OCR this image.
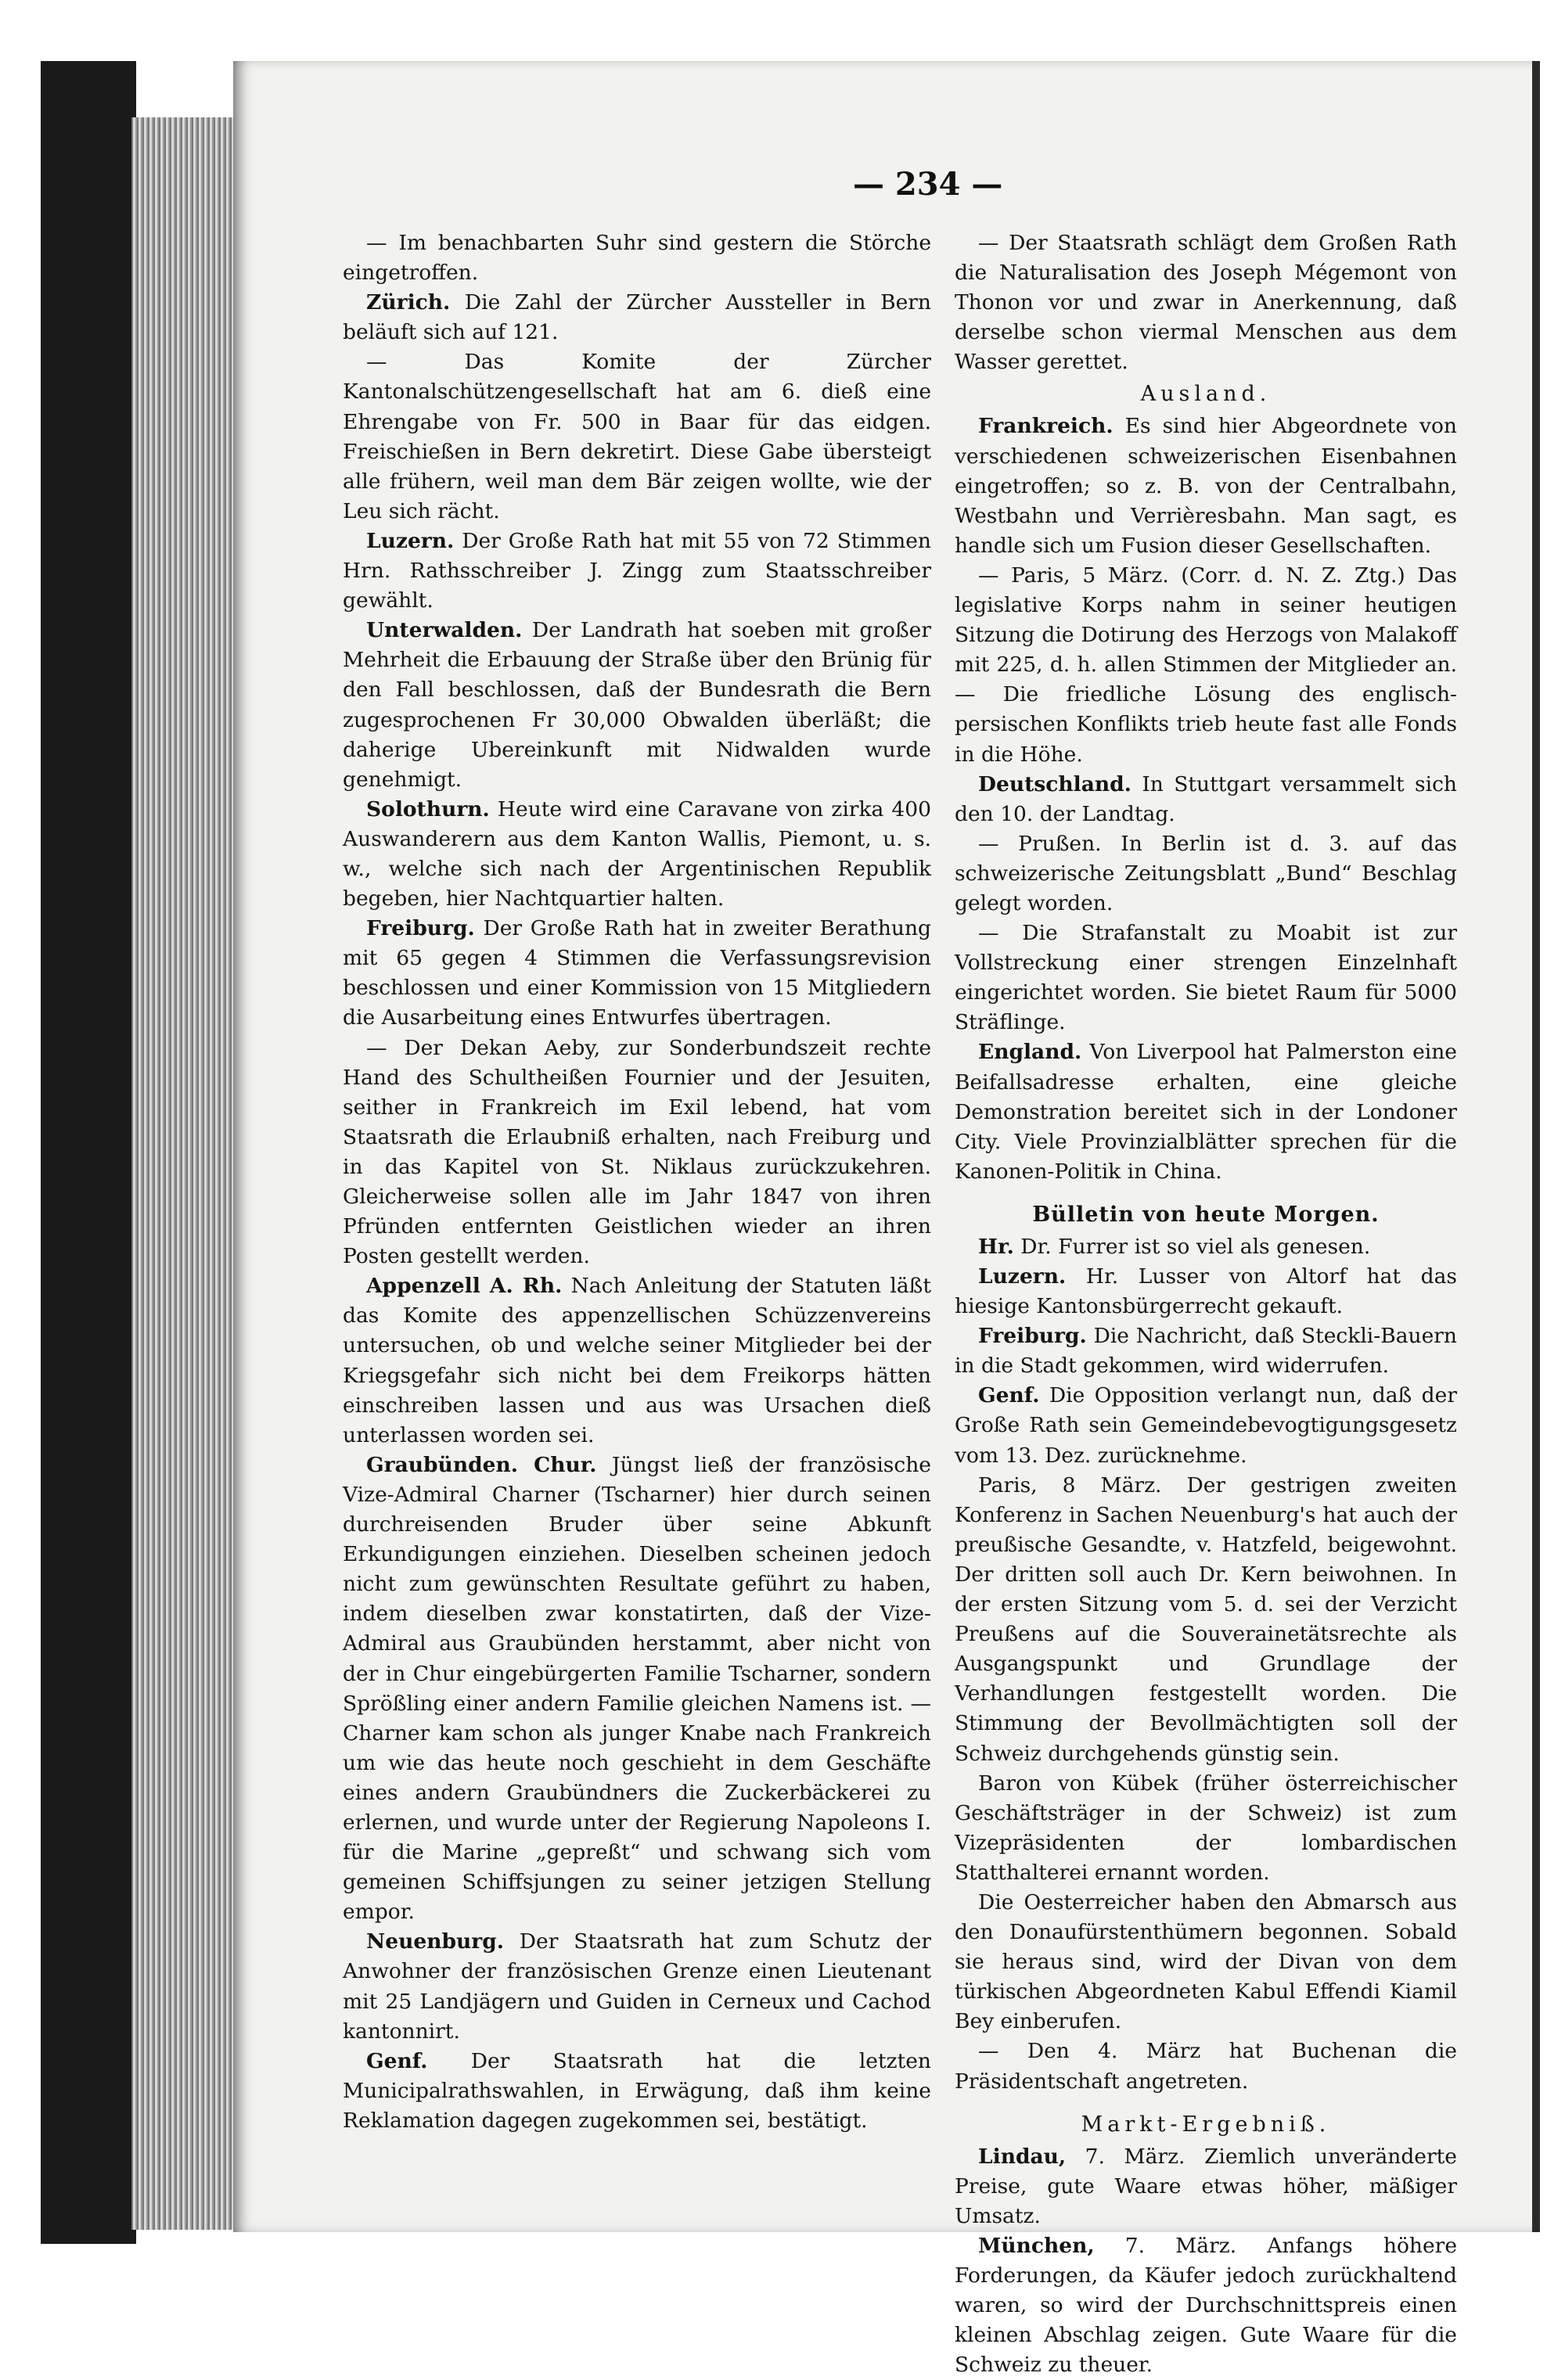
— 234 —

— Im benachbarten Suhr sind gestern die Störche eingetroffen.

Zürich. Die Zahl der Zürcher Aussteller in Bern beläuft sich auf 121.

— Das Komite der Zürcher Kantonalschützengesellschaft hat am 6. dieß eine Ehrengabe von Fr. 500 in Baar für das eidgen. Freischießen in Bern dekretirt. Diese Gabe übersteigt alle frühern, weil man dem Bär zeigen wollte, wie der Leu sich rächt.

Luzern. Der Große Rath hat mit 55 von 72 Stimmen Hrn. Rathsschreiber J. Zingg zum Staatsschreiber gewählt.

Unterwalden. Der Landrath hat soeben mit großer Mehrheit die Erbauung der Straße über den Brünig für den Fall beschlossen, daß der Bundesrath die Bern zugesprochenen Fr 30,000 Obwalden überläßt; die daherige Ubereinkunft mit Nidwalden wurde genehmigt.

Solothurn. Heute wird eine Caravane von zirka 400 Auswanderern aus dem Kanton Wallis, Piemont, u. s. w., welche sich nach der Argentinischen Republik begeben, hier Nachtquartier halten.

Freiburg. Der Große Rath hat in zweiter Berathung mit 65 gegen 4 Stimmen die Verfassungsrevision beschlossen und einer Kommission von 15 Mitgliedern die Ausarbeitung eines Entwurfes übertragen.

— Der Dekan Aeby, zur Sonderbundszeit rechte Hand des Schultheißen Fournier und der Jesuiten, seither in Frankreich im Exil lebend, hat vom Staatsrath die Erlaubniß erhalten, nach Freiburg und in das Kapitel von St. Niklaus zurückzukehren. Gleicherweise sollen alle im Jahr 1847 von ihren Pfründen entfernten Geistlichen wieder an ihren Posten gestellt werden.

Appenzell A. Rh. Nach Anleitung der Statuten läßt das Komite des appenzellischen Schüzzenvereins untersuchen, ob und welche seiner Mitglieder bei der Kriegsgefahr sich nicht bei dem Freikorps hätten einschreiben lassen und aus was Ursachen dieß unterlassen worden sei.

Graubünden. Chur. Jüngst ließ der französische Vize-Admiral Charner (Tscharner) hier durch seinen durchreisenden Bruder über seine Abkunft Erkundigungen einziehen. Dieselben scheinen jedoch nicht zum gewünschten Resultate geführt zu haben, indem dieselben zwar konstatirten, daß der Vize-Admiral aus Graubünden herstammt, aber nicht von der in Chur eingebürgerten Familie Tscharner, sondern Sprößling einer andern Familie gleichen Namens ist. — Charner kam schon als junger Knabe nach Frankreich um wie das heute noch geschieht in dem Geschäfte eines andern Graubündners die Zuckerbäckerei zu erlernen, und wurde unter der Regierung Napoleons I. für die Marine „gepreßt“ und schwang sich vom gemeinen Schiffsjungen zu seiner jetzigen Stellung empor.

Neuenburg. Der Staatsrath hat zum Schutz der Anwohner der französischen Grenze einen Lieutenant mit 25 Landjägern und Guiden in Cerneux und Cachod kantonnirt.

Genf. Der Staatsrath hat die letzten Municipalrathswahlen, in Erwägung, daß ihm keine Reklamation dagegen zugekommen sei, bestätigt.

— Der Staatsrath schlägt dem Großen Rath die Naturalisation des Joseph Mégemont von Thonon vor und zwar in Anerkennung, daß derselbe schon viermal Menschen aus dem Wasser gerettet.

Ausland.

Frankreich. Es sind hier Abgeordnete von verschiedenen schweizerischen Eisenbahnen eingetroffen; so z. B. von der Centralbahn, Westbahn und Verrièresbahn. Man sagt, es handle sich um Fusion dieser Gesellschaften.

— Paris, 5 März. (Corr. d. N. Z. Ztg.) Das legislative Korps nahm in seiner heutigen Sitzung die Dotirung des Herzogs von Malakoff mit 225, d. h. allen Stimmen der Mitglieder an. — Die friedliche Lösung des englisch-persischen Konflikts trieb heute fast alle Fonds in die Höhe.

Deutschland. In Stuttgart versammelt sich den 10. der Landtag.

— Prußen. In Berlin ist d. 3. auf das schweizerische Zeitungsblatt „Bund“ Beschlag gelegt worden.

— Die Strafanstalt zu Moabit ist zur Vollstreckung einer strengen Einzelnhaft eingerichtet worden. Sie bietet Raum für 5000 Sträflinge.

England. Von Liverpool hat Palmerston eine Beifallsadresse erhalten, eine gleiche Demonstration bereitet sich in der Londoner City. Viele Provinzialblätter sprechen für die Kanonen-Politik in China.

Bülletin von heute Morgen.

Hr. Dr. Furrer ist so viel als genesen.

Luzern. Hr. Lusser von Altorf hat das hiesige Kantonsbürgerrecht gekauft.

Freiburg. Die Nachricht, daß Steckli-Bauern in die Stadt gekommen, wird widerrufen.

Genf. Die Opposition verlangt nun, daß der Große Rath sein Gemeindebevogtigungsgesetz vom 13. Dez. zurücknehme.

Paris, 8 März. Der gestrigen zweiten Konferenz in Sachen Neuenburg's hat auch der preußische Gesandte, v. Hatzfeld, beigewohnt. Der dritten soll auch Dr. Kern beiwohnen. In der ersten Sitzung vom 5. d. sei der Verzicht Preußens auf die Souverainetätsrechte als Ausgangspunkt und Grundlage der Verhandlungen festgestellt worden. Die Stimmung der Bevollmächtigten soll der Schweiz durchgehends günstig sein.

Baron von Kübek (früher österreichischer Geschäftsträger in der Schweiz) ist zum Vizepräsidenten der lombardischen Statthalterei ernannt worden.

Die Oesterreicher haben den Abmarsch aus den Donaufürstenthümern begonnen. Sobald sie heraus sind, wird der Divan von dem türkischen Abgeordneten Kabul Effendi Kiamil Bey einberufen.

— Den 4. März hat Buchenan die Präsidentschaft angetreten.

Markt-Ergebniß.

Lindau, 7. März. Ziemlich unveränderte Preise, gute Waare etwas höher, mäßiger Umsatz.

München, 7. März. Anfangs höhere Forderungen, da Käufer jedoch zurückhaltend waren, so wird der Durchschnittspreis einen kleinen Abschlag zeigen. Gute Waare für die Schweiz zu theuer.
